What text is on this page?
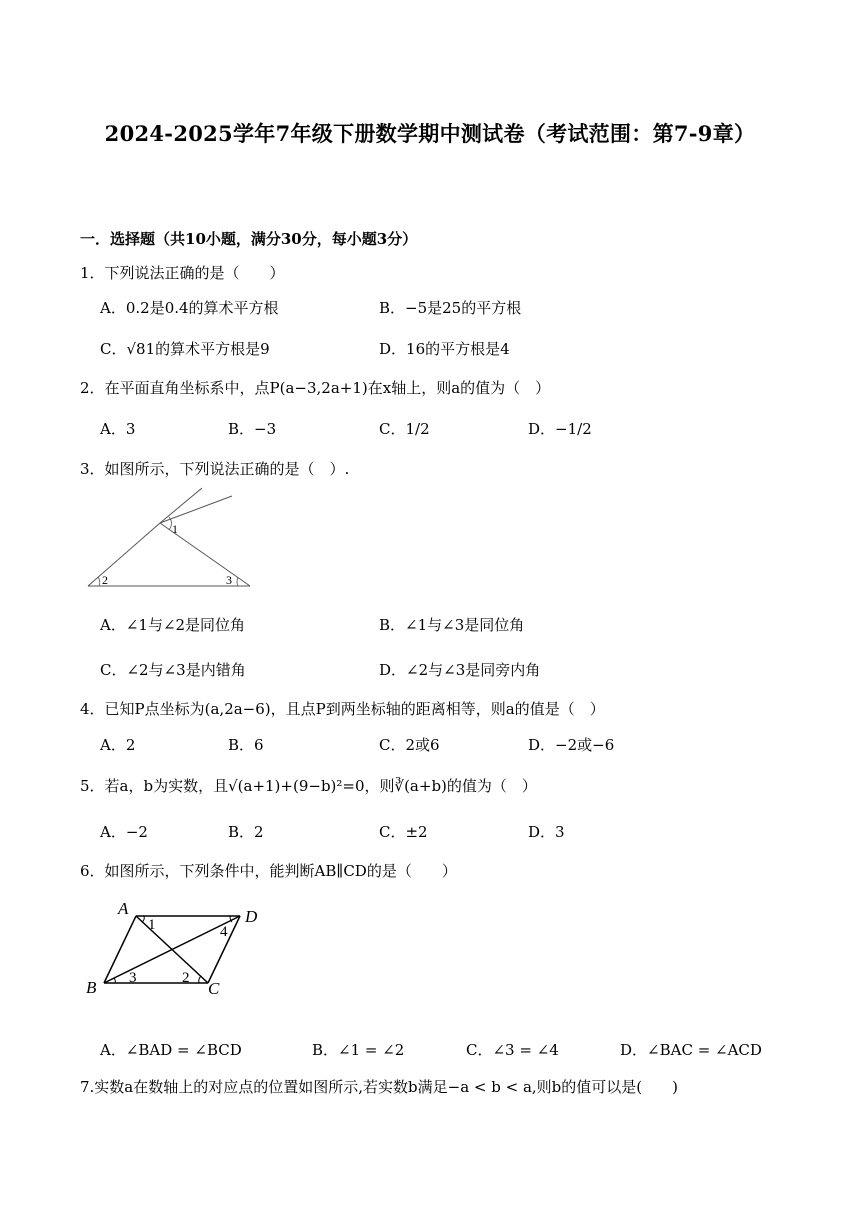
2024-2025学年7年级下册数学期中测试卷（考试范围：第7-9章）
一．选择题（共10小题，满分30分，每小题3分）
1．下列说法正确的是（　　）
A．0.2是0.4的算术平方根	B．−5是25的平方根
C．√81的算术平方根是9	D．16的平方根是4
2．在平面直角坐标系中，点P(a−3,2a+1)在x轴上，则a的值为（　）
A．3	B．−3	C．1/2	D．−1/2
3．如图所示，下列说法正确的是（　）.
1
2	3
A．∠1与∠2是同位角	B．∠1与∠3是同位角
C．∠2与∠3是内错角	D．∠2与∠3是同旁内角
4．已知P点坐标为(a,2a−6)，且点P到两坐标轴的距离相等，则a的值是（　）
A．2	B．6	C．2或6	D．−2或−6
5．若a，b为实数，且√(a+1)+(9−b)²=0，则∛(a+b)的值为（　）
A．−2	B．2	C．±2	D．3
6．如图所示，下列条件中，能判断AB∥CD的是（　　）
A	D
B	C
1
2
3
4
A．∠BAD = ∠BCD	B．∠1 = ∠2	C．∠3 = ∠4	D．∠BAC = ∠ACD
7.实数a在数轴上的对应点的位置如图所示,若实数b满足−a < b < a,则b的值可以是(　　)
